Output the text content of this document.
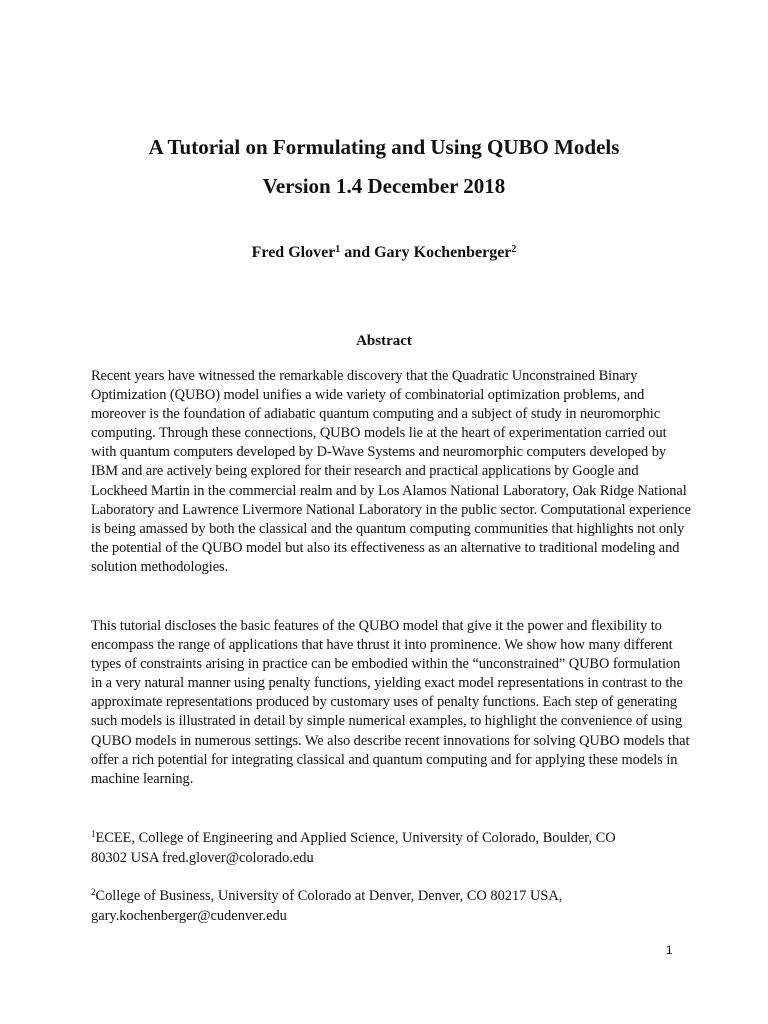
A Tutorial on Formulating and Using QUBO Models
Version 1.4 December 2018

Fred Glover$^1$ and Gary Kochenberger$^2$

Abstract

Recent years have witnessed the remarkable discovery that the Quadratic Unconstrained Binary Optimization (QUBO) model unifies a wide variety of combinatorial optimization problems, and moreover is the foundation of adiabatic quantum computing and a subject of study in neuromorphic computing. Through these connections, QUBO models lie at the heart of experimentation carried out with quantum computers developed by D-Wave Systems and neuromorphic computers developed by IBM and are actively being explored for their research and practical applications by Google and Lockheed Martin in the commercial realm and by Los Alamos National Laboratory, Oak Ridge National Laboratory and Lawrence Livermore National Laboratory in the public sector. Computational experience is being amassed by both the classical and the quantum computing communities that highlights not only the potential of the QUBO model but also its effectiveness as an alternative to traditional modeling and solution methodologies.

This tutorial discloses the basic features of the QUBO model that give it the power and flexibility to encompass the range of applications that have thrust it into prominence. We show how many different types of constraints arising in practice can be embodied within the “unconstrained” QUBO formulation in a very natural manner using penalty functions, yielding exact model representations in contrast to the approximate representations produced by customary uses of penalty functions. Each step of generating such models is illustrated in detail by simple numerical examples, to highlight the convenience of using QUBO models in numerous settings. We also describe recent innovations for solving QUBO models that offer a rich potential for integrating classical and quantum computing and for applying these models in machine learning.

$^1$ECEE, College of Engineering and Applied Science, University of Colorado, Boulder, CO
80302 USA fred.glover@colorado.edu
$^2$College of Business, University of Colorado at Denver, Denver, CO 80217 USA,
gary.kochenberger@cudenver.edu

1
